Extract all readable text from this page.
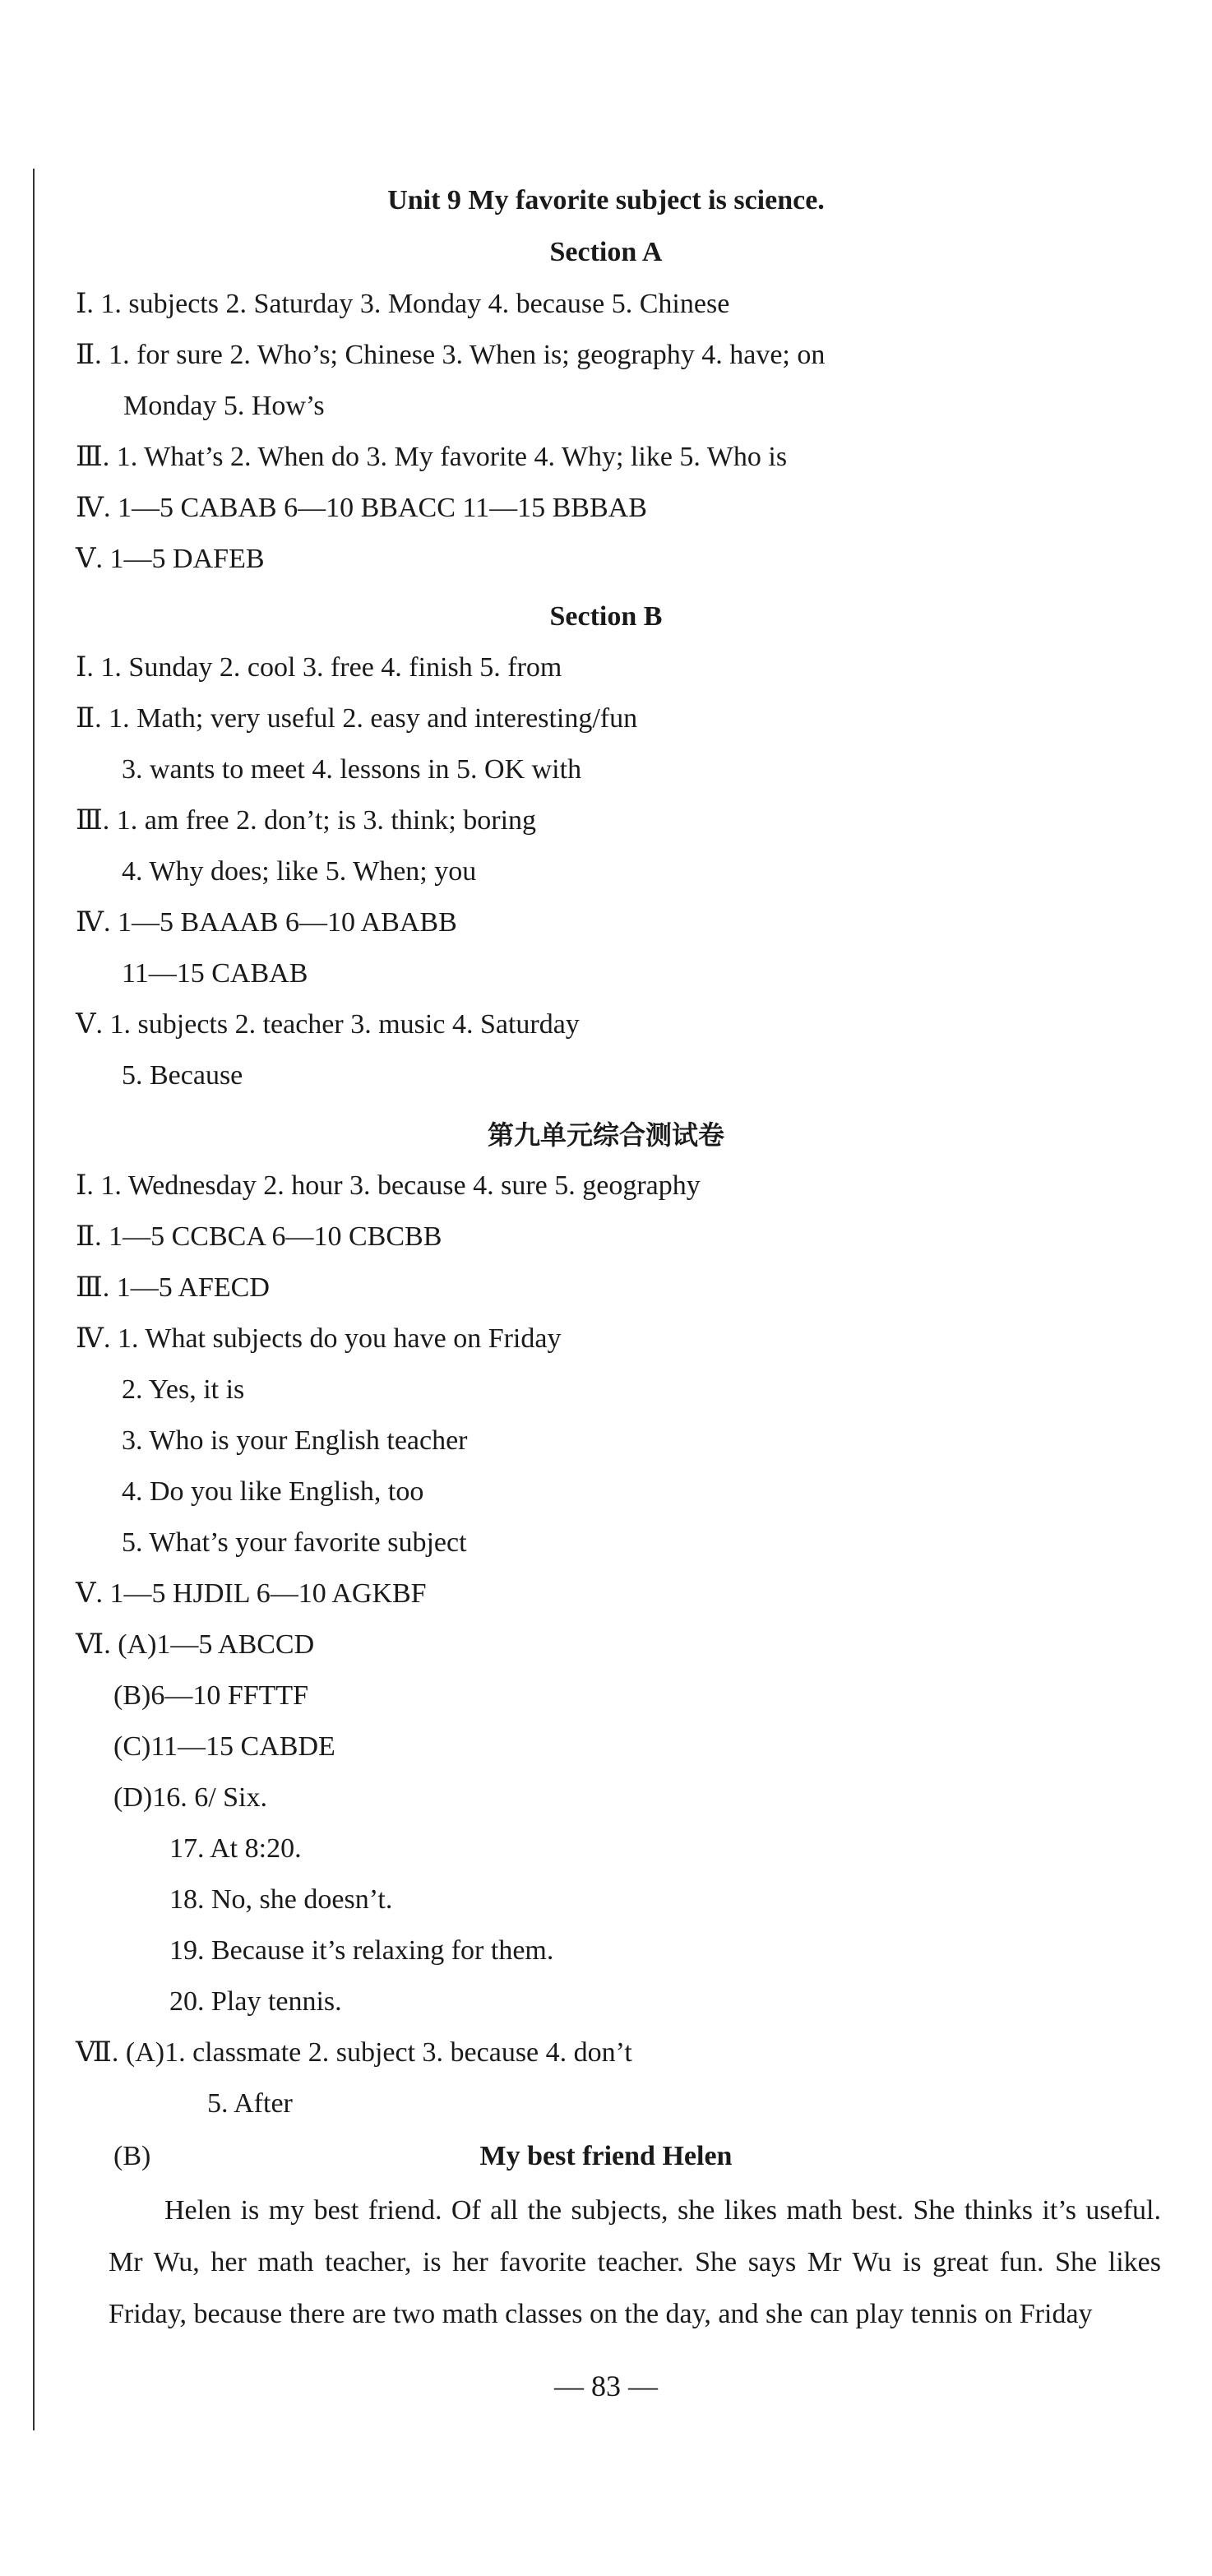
Unit 9 My favorite subject is science.
Section A
Ⅰ. 1. subjects 2. Saturday 3. Monday 4. because 5. Chinese
Ⅱ. 1. for sure 2. Who’s; Chinese 3. When is; geography 4. have; on
Monday 5. How’s
Ⅲ. 1. What’s 2. When do 3. My favorite 4. Why; like 5. Who is
Ⅳ. 1—5 CABAB 6—10 BBACC 11—15 BBBAB
Ⅴ. 1—5 DAFEB
Section B
Ⅰ. 1. Sunday 2. cool 3. free 4. finish 5. from
Ⅱ. 1. Math; very useful 2. easy and interesting/fun
3. wants to meet 4. lessons in 5. OK with
Ⅲ. 1. am free 2. don’t; is 3. think; boring
4. Why does; like 5. When; you
Ⅳ. 1—5 BAAAB 6—10 ABABB
11—15 CABAB
Ⅴ. 1. subjects 2. teacher 3. music 4. Saturday
5. Because
第九单元综合测试卷
Ⅰ. 1. Wednesday 2. hour 3. because 4. sure 5. geography
Ⅱ. 1—5 CCBCA 6—10 CBCBB
Ⅲ. 1—5 AFECD
Ⅳ. 1. What subjects do you have on Friday
2. Yes, it is
3. Who is your English teacher
4. Do you like English, too
5. What’s your favorite subject
Ⅴ. 1—5 HJDIL 6—10 AGKBF
Ⅵ. (A)1—5 ABCCD
(B)6—10 FFTTF
(C)11—15 CABDE
(D)16. 6/ Six.
17. At 8:20.
18. No, she doesn’t.
19. Because it’s relaxing for them.
20. Play tennis.
Ⅶ. (A)1. classmate 2. subject 3. because 4. don’t
5. After
(B)	My best friend Helen
Helen is my best friend. Of all the subjects, she likes math best. She thinks it’s useful. Mr Wu, her math teacher, is her favorite teacher. She says Mr Wu is great fun. She likes Friday, because there are two math classes on the day, and she can play tennis on Friday
— 83 —
